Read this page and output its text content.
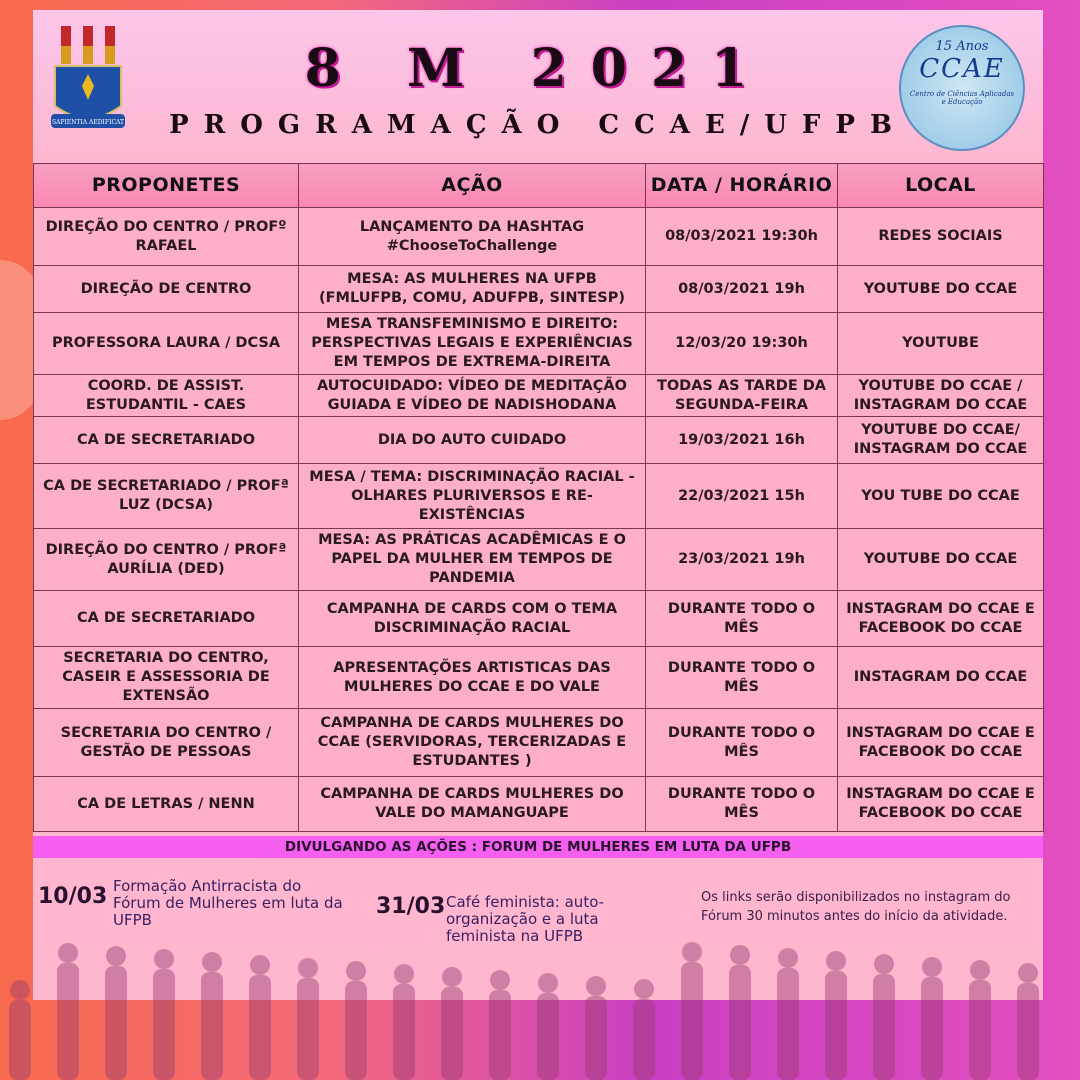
SAPIENTIA AEDIFICAT
8 M 2021
PROGRAMAÇÃO CCAE/UFPB
15 Anos
CCAE
Centro de Ciências Aplicadas e Educação
PROPONETES	AÇÃO	DATA / HORÁRIO	LOCAL
DIREÇÃO DO CENTRO / PROFº RAFAEL	LANÇAMENTO DA HASHTAG #ChooseToChallenge	08/03/2021 19:30h	REDES SOCIAIS
DIREÇÃO DE CENTRO	MESA: AS MULHERES NA UFPB (FMLUFPB, COMU, ADUFPB, SINTESP)	08/03/2021 19h	YOUTUBE DO CCAE
PROFESSORA LAURA / DCSA	MESA TRANSFEMINISMO E DIREITO: PERSPECTIVAS LEGAIS E EXPERIÊNCIAS EM TEMPOS DE EXTREMA-DIREITA	12/03/20 19:30h	YOUTUBE
COORD. DE ASSIST. ESTUDANTIL - CAES	AUTOCUIDADO: VÍDEO DE MEDITAÇÃO GUIADA E VÍDEO DE NADISHODANA	TODAS AS TARDE DA SEGUNDA-FEIRA	YOUTUBE DO CCAE / INSTAGRAM DO CCAE
CA DE SECRETARIADO	DIA DO AUTO CUIDADO	19/03/2021 16h	YOUTUBE DO CCAE/ INSTAGRAM DO CCAE
CA DE SECRETARIADO / PROFª LUZ (DCSA)	MESA / TEMA: DISCRIMINAÇÃO RACIAL - OLHARES PLURIVERSOS E RE-EXISTÊNCIAS	22/03/2021 15h	YOU TUBE DO CCAE
DIREÇÃO DO CENTRO / PROFª AURÍLIA (DED)	MESA: AS PRÁTICAS ACADÊMICAS E O PAPEL DA MULHER EM TEMPOS DE PANDEMIA	23/03/2021 19h	YOUTUBE DO CCAE
CA DE SECRETARIADO	CAMPANHA DE CARDS COM O TEMA DISCRIMINAÇÃO RACIAL	DURANTE TODO O MÊS	INSTAGRAM DO CCAE E FACEBOOK DO CCAE
SECRETARIA DO CENTRO, CASEIR E ASSESSORIA DE EXTENSÃO	APRESENTAÇÕES ARTISTICAS DAS MULHERES DO CCAE E DO VALE	DURANTE TODO O MÊS	INSTAGRAM DO CCAE
SECRETARIA DO CENTRO / GESTÃO DE PESSOAS	CAMPANHA DE CARDS MULHERES DO CCAE (SERVIDORAS, TERCERIZADAS E ESTUDANTES )	DURANTE TODO O MÊS	INSTAGRAM DO CCAE E FACEBOOK DO CCAE
CA DE LETRAS / NENN	CAMPANHA DE CARDS MULHERES DO VALE DO MAMANGUAPE	DURANTE TODO O MÊS	INSTAGRAM DO CCAE E FACEBOOK DO CCAE
DIVULGANDO AS AÇÕES : FORUM DE MULHERES EM LUTA DA UFPB
10/03 Formação Antirracista do Fórum de Mulheres em luta da UFPB
31/03 Café feminista: auto-organização e a luta feminista na UFPB
Os links serão disponibilizados no instagram do Fórum 30 minutos antes do início da atividade.
